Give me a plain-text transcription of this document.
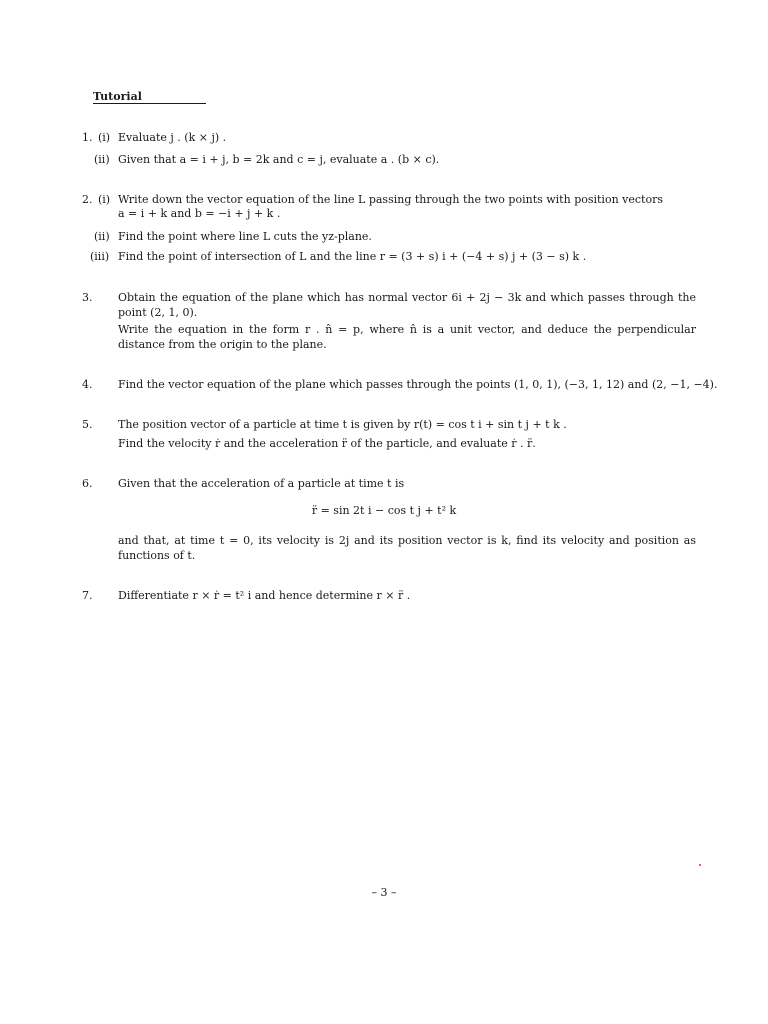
Tutorial
1. (i) Evaluate j . (k × j) .
(ii) Given that a = i + j, b = 2k and c = j, evaluate a . (b × c).
2. (i) Write down the vector equation of the line L passing through the two points with position vectors
a = i + k and b = −i + j + k .
(ii) Find the point where line L cuts the yz-plane.
(iii) Find the point of intersection of L and the line r = (3 + s) i + (−4 + s) j + (3 − s) k .
3. Obtain the equation of the plane which has normal vector 6i + 2j − 3k and which passes through the point (2, 1, 0).
Write the equation in the form r . n̂ = p, where n̂ is a unit vector, and deduce the perpendicular distance from the origin to the plane.
4. Find the vector equation of the plane which passes through the points (1, 0, 1), (−3, 1, 12) and (2, −1, −4).
5. The position vector of a particle at time t is given by r(t) = cos t i + sin t j + t k .
Find the velocity ṙ and the acceleration r̈ of the particle, and evaluate ṙ . r̈.
6. Given that the acceleration of a particle at time t is
r̈ = sin 2t i − cos t j + t² k
and that, at time t = 0, its velocity is 2j and its position vector is k, find its velocity and position as functions of t.
7. Differentiate r × ṙ = t² i and hence determine r × r̈ .
– 3 –
